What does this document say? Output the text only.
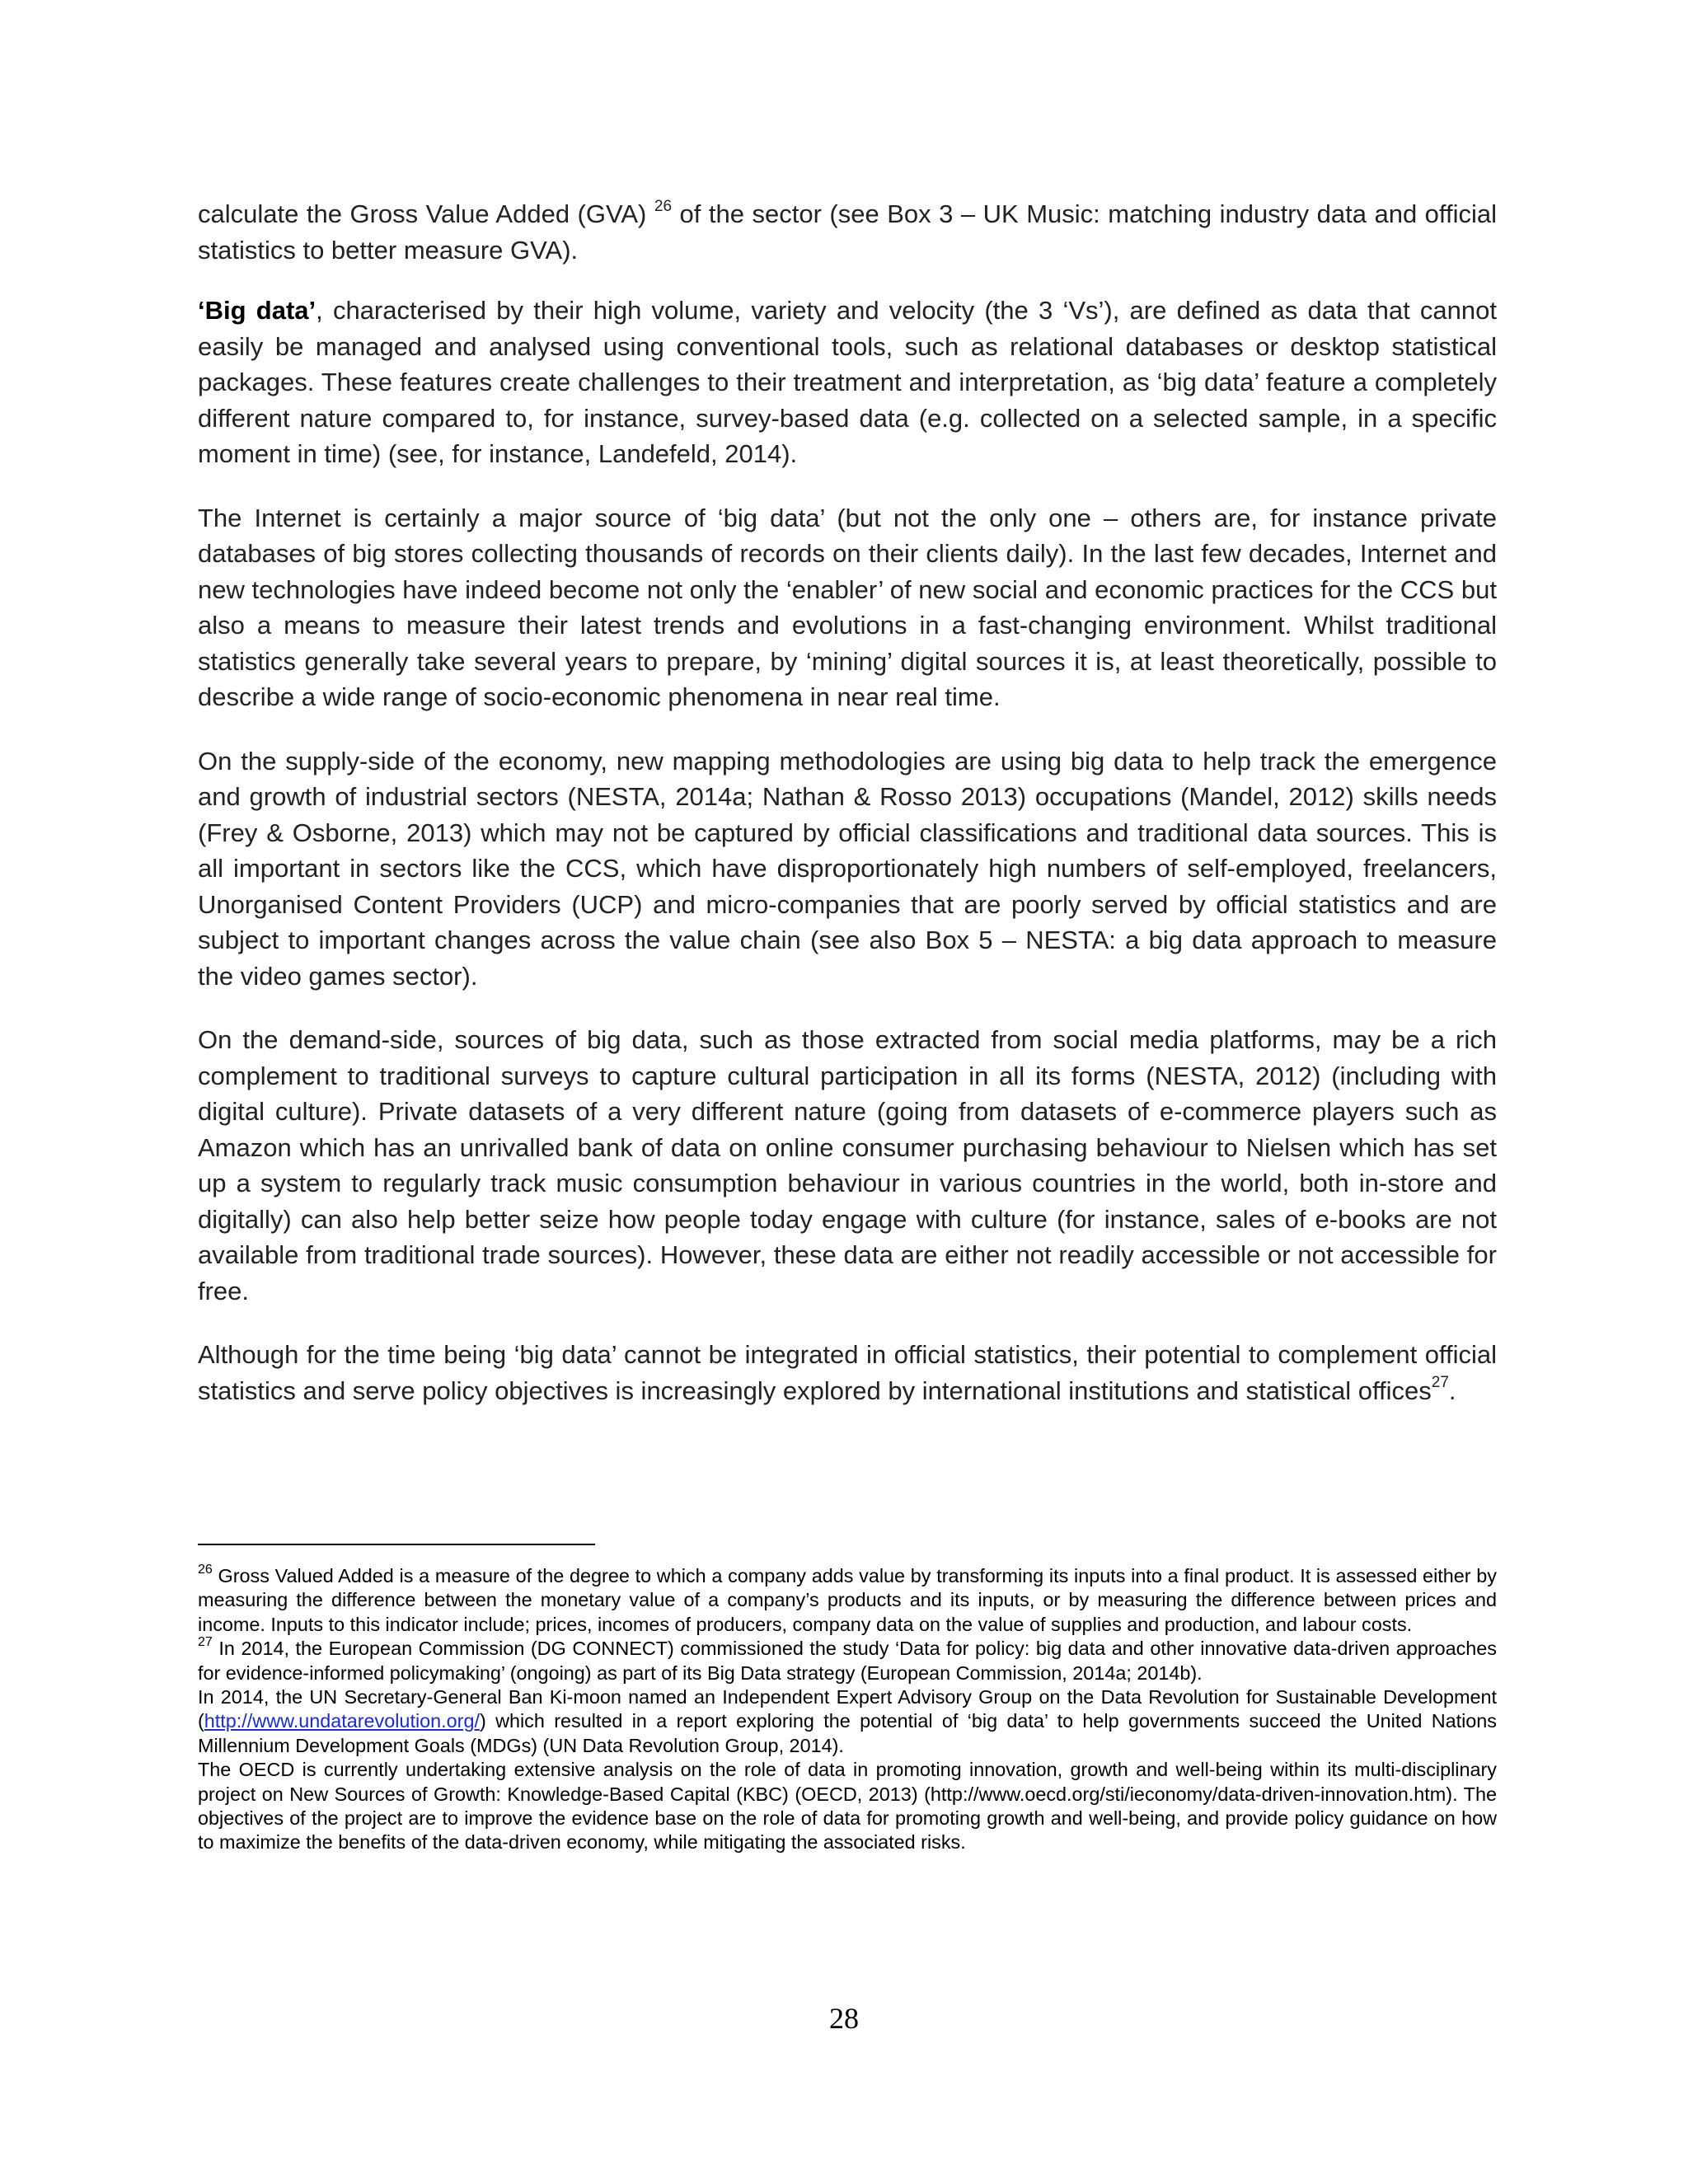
calculate the Gross Value Added (GVA) $^{26}$ of the sector (see Box 3 – UK Music: matching industry data and official statistics to better measure GVA).

‘Big data’, characterised by their high volume, variety and velocity (the 3 ‘Vs’), are defined as data that cannot easily be managed and analysed using conventional tools, such as relational databases or desktop statistical packages. These features create challenges to their treatment and interpretation, as ‘big data’ feature a completely different nature compared to, for instance, survey-based data (e.g. collected on a selected sample, in a specific moment in time) (see, for instance, Landefeld, 2014).

The Internet is certainly a major source of ‘big data’ (but not the only one – others are, for instance private databases of big stores collecting thousands of records on their clients daily). In the last few decades, Internet and new technologies have indeed become not only the ‘enabler’ of new social and economic practices for the CCS but also a means to measure their latest trends and evolutions in a fast-changing environment. Whilst traditional statistics generally take several years to prepare, by ‘mining’ digital sources it is, at least theoretically, possible to describe a wide range of socio-economic phenomena in near real time.

On the supply-side of the economy, new mapping methodologies are using big data to help track the emergence and growth of industrial sectors (NESTA, 2014a; Nathan & Rosso 2013) occupations (Mandel, 2012) skills needs (Frey & Osborne, 2013) which may not be captured by official classifications and traditional data sources. This is all important in sectors like the CCS, which have disproportionately high numbers of self-employed, freelancers, Unorganised Content Providers (UCP) and micro-companies that are poorly served by official statistics and are subject to important changes across the value chain (see also Box 5 – NESTA: a big data approach to measure the video games sector).

On the demand-side, sources of big data, such as those extracted from social media platforms, may be a rich complement to traditional surveys to capture cultural participation in all its forms (NESTA, 2012) (including with digital culture). Private datasets of a very different nature (going from datasets of e-commerce players such as Amazon which has an unrivalled bank of data on online consumer purchasing behaviour to Nielsen which has set up a system to regularly track music consumption behaviour in various countries in the world, both in-store and digitally) can also help better seize how people today engage with culture (for instance, sales of e-books are not available from traditional trade sources). However, these data are either not readily accessible or not accessible for free.

Although for the time being ‘big data’ cannot be integrated in official statistics, their potential to complement official statistics and serve policy objectives is increasingly explored by international institutions and statistical offices$^{27}$.

$^{26}$ Gross Valued Added is a measure of the degree to which a company adds value by transforming its inputs into a final product. It is assessed either by measuring the difference between the monetary value of a company’s products and its inputs, or by measuring the difference between prices and income. Inputs to this indicator include; prices, incomes of producers, company data on the value of supplies and production, and labour costs.

$^{27}$ In 2014, the European Commission (DG CONNECT) commissioned the study ‘Data for policy: big data and other innovative data-driven approaches for evidence-informed policymaking’ (ongoing) as part of its Big Data strategy (European Commission, 2014a; 2014b).

In 2014, the UN Secretary-General Ban Ki-moon named an Independent Expert Advisory Group on the Data Revolution for Sustainable Development (http://www.undatarevolution.org/) which resulted in a report exploring the potential of ‘big data’ to help governments succeed the United Nations Millennium Development Goals (MDGs) (UN Data Revolution Group, 2014).

The OECD is currently undertaking extensive analysis on the role of data in promoting innovation, growth and well-being within its multi-disciplinary project on New Sources of Growth: Knowledge-Based Capital (KBC) (OECD, 2013) (http://www.oecd.org/sti/ieconomy/data-driven-innovation.htm). The objectives of the project are to improve the evidence base on the role of data for promoting growth and well-being, and provide policy guidance on how to maximize the benefits of the data-driven economy, while mitigating the associated risks.

28
